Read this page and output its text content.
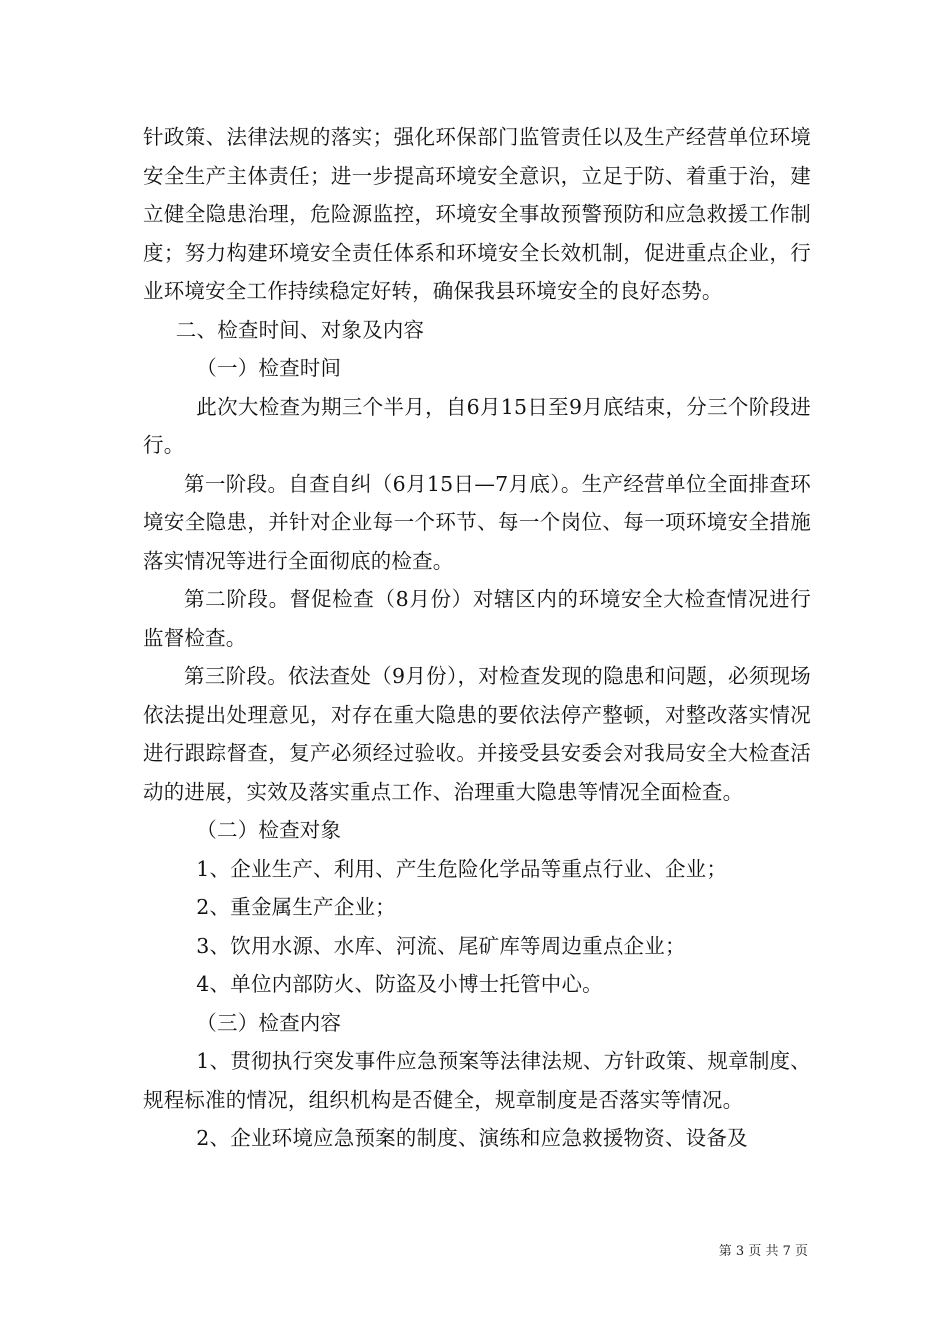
针政策、法律法规的落实；强化环保部门监管责任以及生产经营单位环境安全生产主体责任；进一步提高环境安全意识，立足于防、着重于治，建立健全隐患治理，危险源监控，环境安全事故预警预防和应急救援工作制度；努力构建环境安全责任体系和环境安全长效机制，促进重点企业，行业环境安全工作持续稳定好转，确保我县环境安全的良好态势。

二、检查时间、对象及内容

（一）检查时间

此次大检查为期三个半月，自6月15日至9月底结束，分三个阶段进行。

第一阶段。自查自纠（6月15日—7月底）。生产经营单位全面排查环境安全隐患，并针对企业每一个环节、每一个岗位、每一项环境安全措施落实情况等进行全面彻底的检查。

第二阶段。督促检查（8月份）对辖区内的环境安全大检查情况进行监督检查。

第三阶段。依法查处（9月份），对检查发现的隐患和问题，必须现场依法提出处理意见，对存在重大隐患的要依法停产整顿，对整改落实情况进行跟踪督查，复产必须经过验收。并接受县安委会对我局安全大检查活动的进展，实效及落实重点工作、治理重大隐患等情况全面检查。

（二）检查对象

1、企业生产、利用、产生危险化学品等重点行业、企业；

2、重金属生产企业；

3、饮用水源、水库、河流、尾矿库等周边重点企业；

4、单位内部防火、防盗及小博士托管中心。

（三）检查内容

1、贯彻执行突发事件应急预案等法律法规、方针政策、规章制度、规程标准的情况，组织机构是否健全，规章制度是否落实等情况。

2、企业环境应急预案的制度、演练和应急救援物资、设备及

第 3 页 共 7 页
